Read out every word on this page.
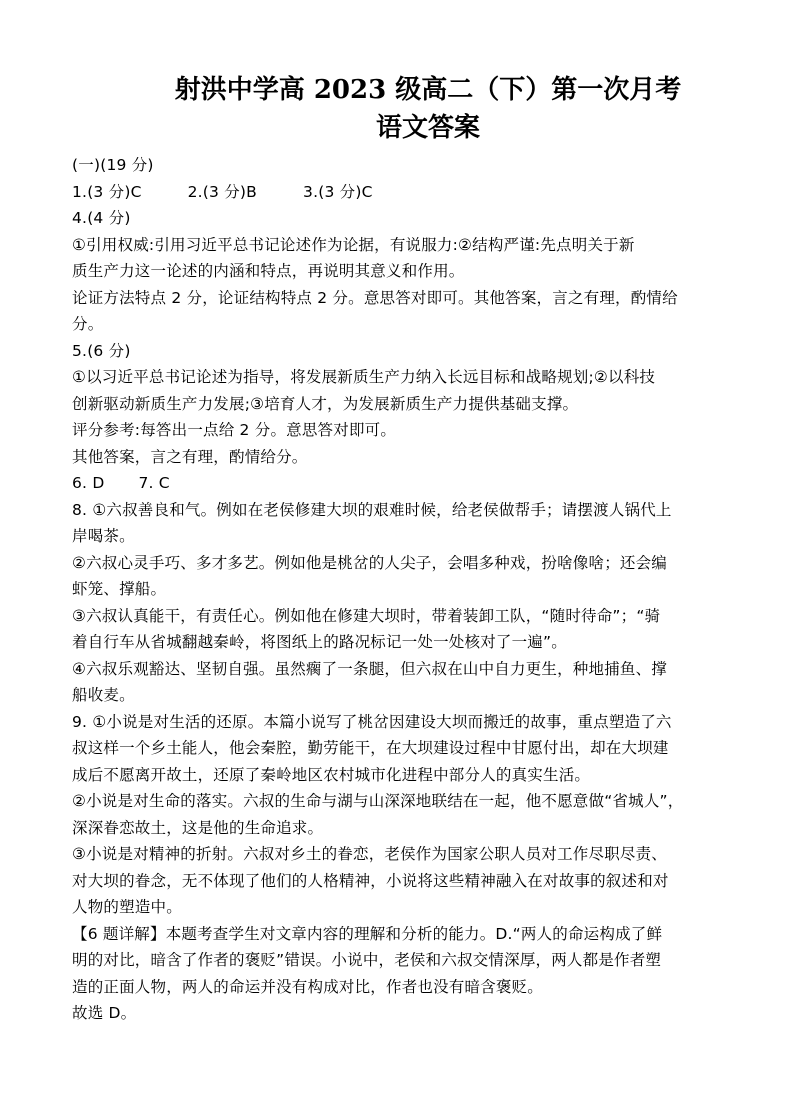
射洪中学高 2023 级高二（下）第一次月考
语文答案
(一)(19 分)
1.(3 分)C	2.(3 分)B	3.(3 分)C
4.(4 分)
①引用权威:引用习近平总书记论述作为论据，有说服力:②结构严谨:先点明关于新
质生产力这一论述的内涵和特点，再说明其意义和作用。
论证方法特点 2 分，论证结构特点 2 分。意思答对即可。其他答案，言之有理，酌情给
分。
5.(6 分)
①以习近平总书记论述为指导，将发展新质生产力纳入长远目标和战略规划;②以科技
创新驱动新质生产力发展;③培育人才，为发展新质生产力提供基础支撑。
评分参考:每答出一点给 2 分。意思答对即可。
其他答案，言之有理，酌情给分。
6. D 7. C
8. ①六叔善良和气。例如在老侯修建大坝的艰难时候，给老侯做帮手；请摆渡人锅代上
岸喝茶。
②六叔心灵手巧、多才多艺。例如他是桃岔的人尖子，会唱多种戏，扮啥像啥；还会编
虾笼、撑船。
③六叔认真能干，有责任心。例如他在修建大坝时，带着装卸工队，“随时待命”；“骑
着自行车从省城翻越秦岭，将图纸上的路况标记一处一处核对了一遍”。
④六叔乐观豁达、坚韧自强。虽然瘸了一条腿，但六叔在山中自力更生，种地捕鱼、撑
船收麦。
9. ①小说是对生活的还原。本篇小说写了桃岔因建设大坝而搬迁的故事，重点塑造了六
叔这样一个乡土能人，他会秦腔，勤劳能干，在大坝建设过程中甘愿付出，却在大坝建
成后不愿离开故土，还原了秦岭地区农村城市化进程中部分人的真实生活。
②小说是对生命的落实。六叔的生命与湖与山深深地联结在一起，他不愿意做“省城人”，
深深眷恋故土，这是他的生命追求。
③小说是对精神的折射。六叔对乡土的眷恋，老侯作为国家公职人员对工作尽职尽责、
对大坝的眷念，无不体现了他们的人格精神，小说将这些精神融入在对故事的叙述和对
人物的塑造中。
【6 题详解】本题考查学生对文章内容的理解和分析的能力。D.“两人的命运构成了鲜
明的对比，暗含了作者的褒贬”错误。小说中，老侯和六叔交情深厚，两人都是作者塑
造的正面人物，两人的命运并没有构成对比，作者也没有暗含褒贬。
故选 D。
